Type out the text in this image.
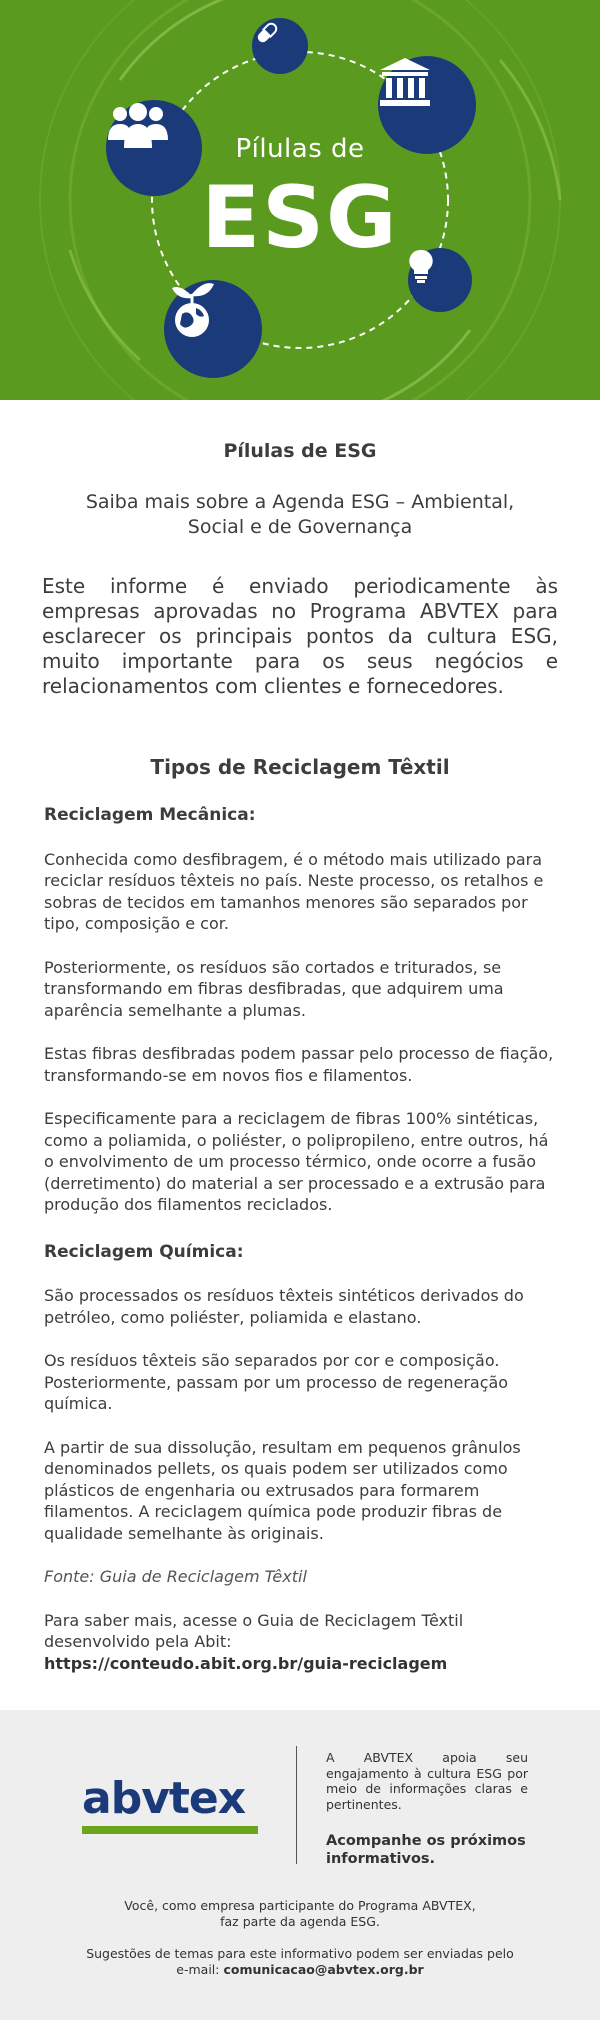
Pílulas de
ESG
Pílulas de ESG
Saiba mais sobre a Agenda ESG – Ambiental, Social e de Governança
Este informe é enviado periodicamente às empresas aprovadas no Programa ABVTEX para esclarecer os principais pontos da cultura ESG, muito importante para os seus negócios e relacionamentos com clientes e fornecedores.
Tipos de Reciclagem Têxtil
Reciclagem Mecânica:
Conhecida como desfibragem, é o método mais utilizado para reciclar resíduos têxteis no país. Neste processo, os retalhos e sobras de tecidos em tamanhos menores são separados por tipo, composição e cor.
Posteriormente, os resíduos são cortados e triturados, se transformando em fibras desfibradas, que adquirem uma aparência semelhante a plumas.
Estas fibras desfibradas podem passar pelo processo de fiação, transformando-se em novos fios e filamentos.
Especificamente para a reciclagem de fibras 100% sintéticas, como a poliamida, o poliéster, o polipropileno, entre outros, há o envolvimento de um processo térmico, onde ocorre a fusão (derretimento) do material a ser processado e a extrusão para produção dos filamentos reciclados.
Reciclagem Química:
São processados os resíduos têxteis sintéticos derivados do petróleo, como poliéster, poliamida e elastano.
Os resíduos têxteis são separados por cor e composição. Posteriormente, passam por um processo de regeneração química.
A partir de sua dissolução, resultam em pequenos grânulos denominados pellets, os quais podem ser utilizados como plásticos de engenharia ou extrusados para formarem filamentos. A reciclagem química pode produzir fibras de qualidade semelhante às originais.
Fonte: Guia de Reciclagem Têxtil
Para saber mais, acesse o Guia de Reciclagem Têxtil desenvolvido pela Abit:
https://conteudo.abit.org.br/guia-reciclagem
abvtex
A ABVTEX apoia seu engajamento à cultura ESG por meio de informações claras e pertinentes.
Acompanhe os próximos informativos.
Você, como empresa participante do Programa ABVTEX,
faz parte da agenda ESG.
Sugestões de temas para este informativo podem ser enviadas pelo
e-mail: comunicacao@abvtex.org.br
